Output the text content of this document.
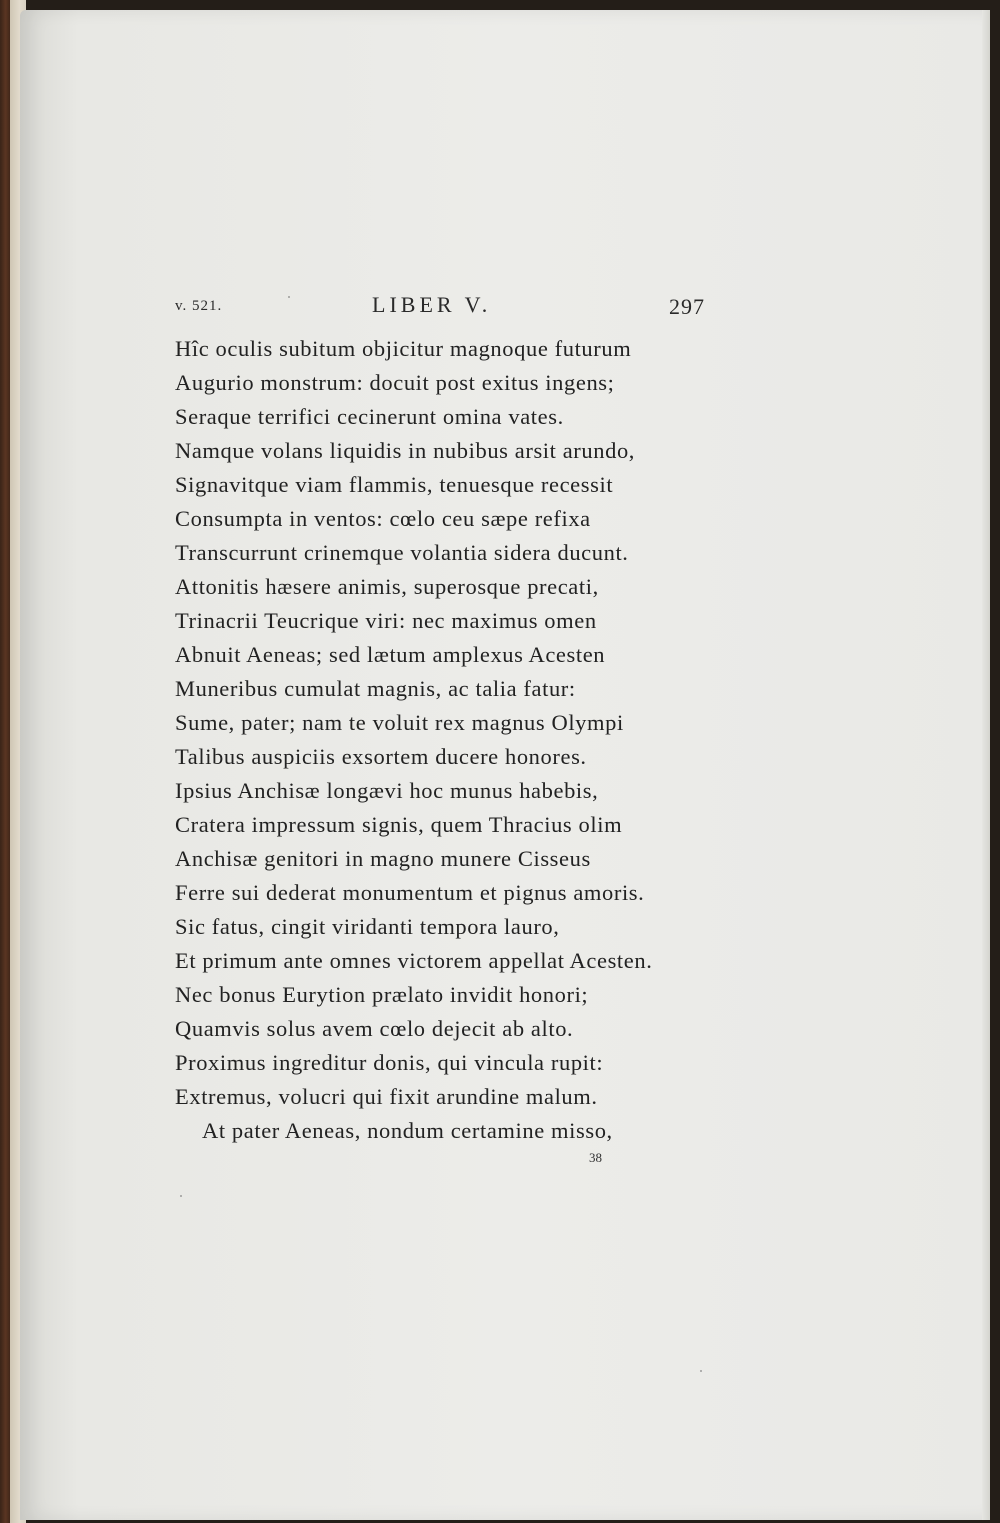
v. 521.	LIBER V.	297
Hîc oculis subitum objicitur magnoque futurum
Augurio monstrum: docuit post exitus ingens;
Seraque terrifici cecinerunt omina vates.
Namque volans liquidis in nubibus arsit arundo,
Signavitque viam flammis, tenuesque recessit
Consumpta in ventos: cœlo ceu sæpe refixa
Transcurrunt crinemque volantia sidera ducunt.
Attonitis hæsere animis, superosque precati,
Trinacrii Teucrique viri: nec maximus omen
Abnuit Aeneas; sed lætum amplexus Acesten
Muneribus cumulat magnis, ac talia fatur:
Sume, pater; nam te voluit rex magnus Olympi
Talibus auspiciis exsortem ducere honores.
Ipsius Anchisæ longævi hoc munus habebis,
Cratera impressum signis, quem Thracius olim
Anchisæ genitori in magno munere Cisseus
Ferre sui dederat monumentum et pignus amoris.
Sic fatus, cingit viridanti tempora lauro,
Et primum ante omnes victorem appellat Acesten.
Nec bonus Eurytion prælato invidit honori;
Quamvis solus avem cœlo dejecit ab alto.
Proximus ingreditur donis, qui vincula rupit:
Extremus, volucri qui fixit arundine malum.
At pater Aeneas, nondum certamine misso,
38
